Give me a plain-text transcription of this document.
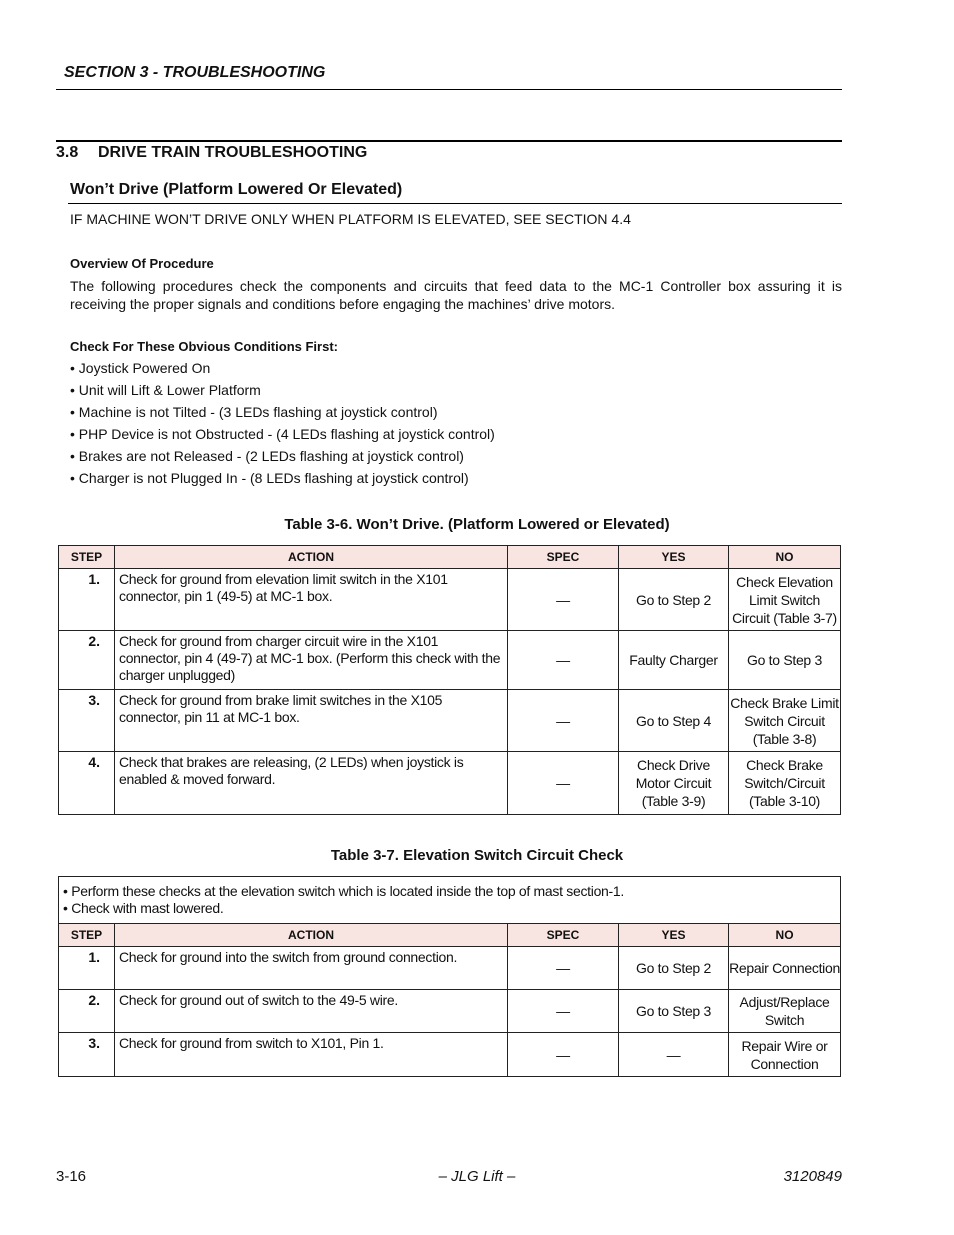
SECTION 3 - TROUBLESHOOTING
3.8 DRIVE TRAIN TROUBLESHOOTING
Won’t Drive (Platform Lowered Or Elevated)
IF MACHINE WON’T DRIVE ONLY WHEN PLATFORM IS ELEVATED, SEE SECTION 4.4
Overview Of Procedure
The following procedures check the components and circuits that feed data to the MC-1 Controller box assuring it is receiving the proper signals and conditions before engaging the machines’ drive motors.
Check For These Obvious Conditions First:
• Joystick Powered On
• Unit will Lift & Lower Platform
• Machine is not Tilted - (3 LEDs flashing at joystick control)
• PHP Device is not Obstructed - (4 LEDs flashing at joystick control)
• Brakes are not Released - (2 LEDs flashing at joystick control)
• Charger is not Plugged In - (8 LEDs flashing at joystick control)
Table 3-6. Won’t Drive. (Platform Lowered or Elevated)
STEP	ACTION	SPEC	YES	NO
1.	Check for ground from elevation limit switch in the X101 connector, pin 1 (49-5) at MC-1 box.	—	Go to Step 2	Check Elevation Limit Switch Circuit (Table 3-7)
2.	Check for ground from charger circuit wire in the X101 connector, pin 4 (49-7) at MC-1 box. (Perform this check with the charger unplugged)	—	Faulty Charger	Go to Step 3
3.	Check for ground from brake limit switches in the X105 connector, pin 11 at MC-1 box.	—	Go to Step 4	Check Brake Limit Switch Circuit (Table 3-8)
4.	Check that brakes are releasing, (2 LEDs) when joystick is enabled & moved forward.	—	Check Drive Motor Circuit (Table 3-9)	Check Brake Switch/Circuit (Table 3-10)
Table 3-7. Elevation Switch Circuit Check
• Perform these checks at the elevation switch which is located inside the top of mast section-1.
• Check with mast lowered.				

STEP	ACTION	SPEC	YES	NO
1.	Check for ground into the switch from ground connection.	—	Go to Step 2	Repair Connection
2.	Check for ground out of switch to the 49-5 wire.	—	Go to Step 3	Adjust/Replace Switch
3.	Check for ground from switch to X101, Pin 1.	—	—	Repair Wire or Connection
3-16	– JLG Lift –	3120849
